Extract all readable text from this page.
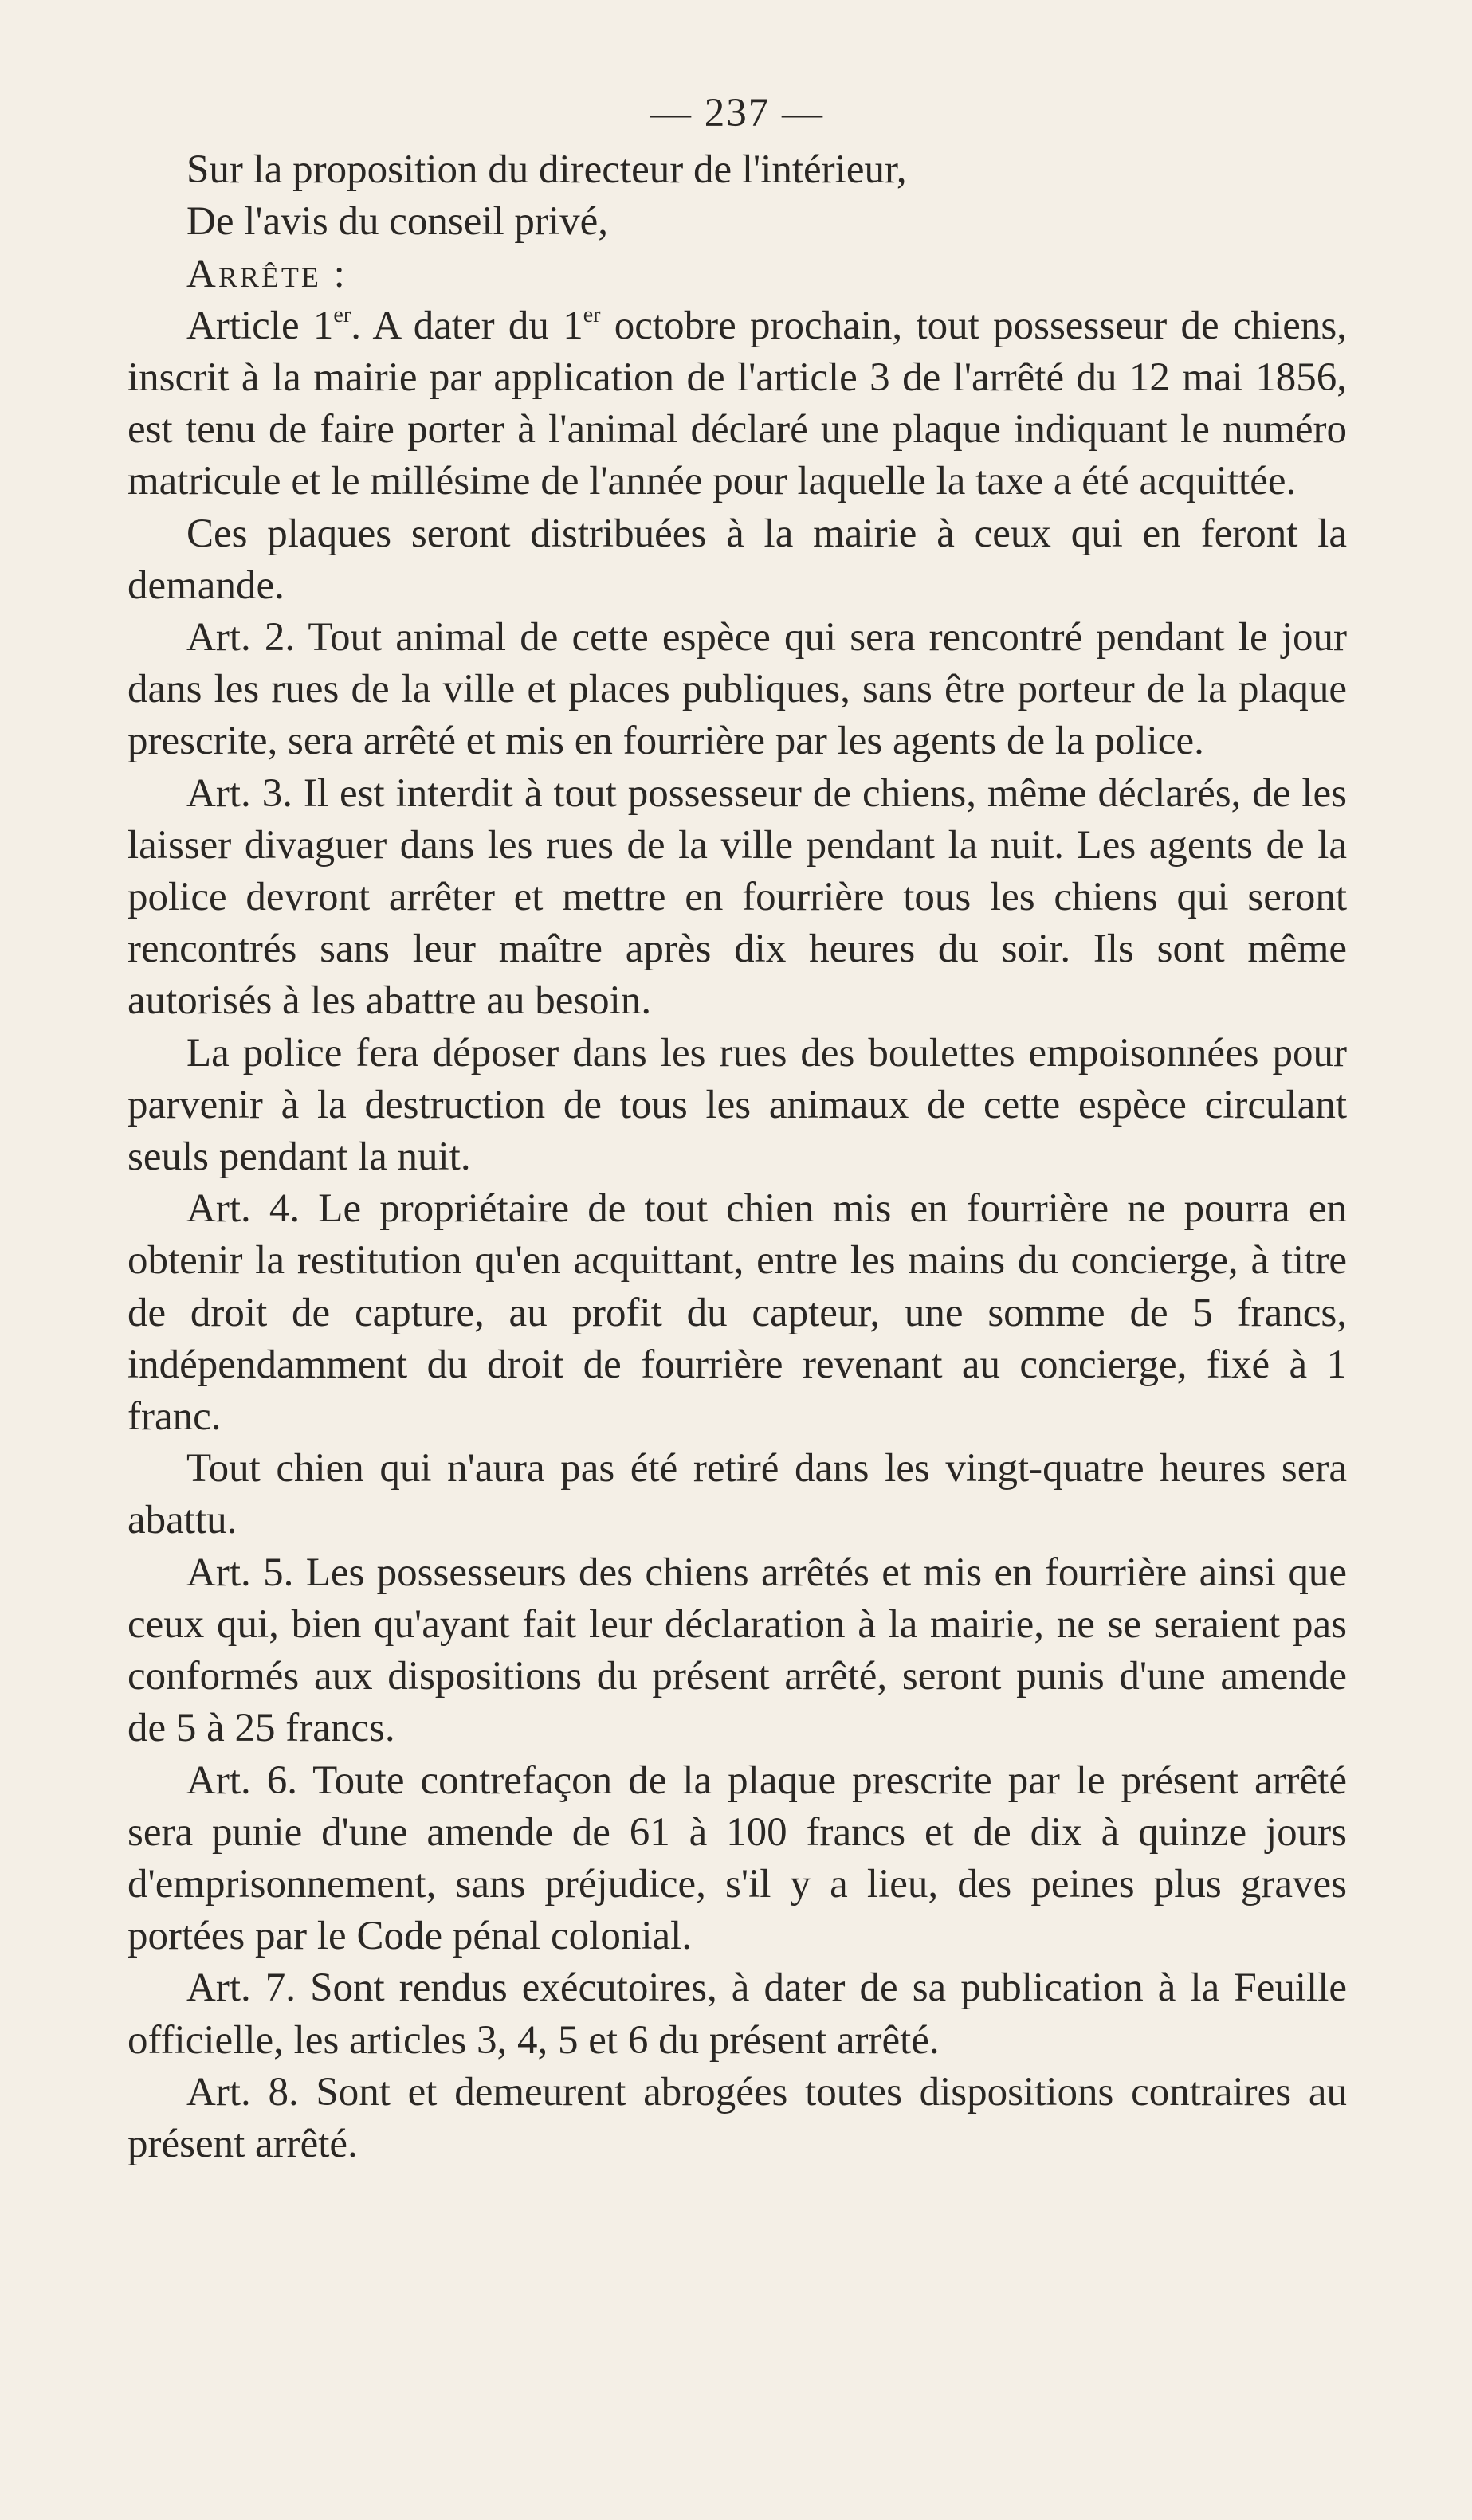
— 237 —

Sur la proposition du directeur de l'intérieur,

De l'avis du conseil privé,

Arrête :

Article 1er. A dater du 1er octobre prochain, tout possesseur de chiens, inscrit à la mairie par application de l'article 3 de l'arrêté du 12 mai 1856, est tenu de faire porter à l'animal déclaré une plaque indiquant le numéro matricule et le millésime de l'année pour laquelle la taxe a été acquittée.

Ces plaques seront distribuées à la mairie à ceux qui en feront la demande.

Art. 2. Tout animal de cette espèce qui sera rencontré pendant le jour dans les rues de la ville et places publiques, sans être porteur de la plaque prescrite, sera arrêté et mis en fourrière par les agents de la police.

Art. 3. Il est interdit à tout possesseur de chiens, même déclarés, de les laisser divaguer dans les rues de la ville pendant la nuit. Les agents de la police devront arrêter et mettre en fourrière tous les chiens qui seront rencontrés sans leur maître après dix heures du soir. Ils sont même autorisés à les abattre au besoin.

La police fera déposer dans les rues des boulettes empoisonnées pour parvenir à la destruction de tous les animaux de cette espèce circulant seuls pendant la nuit.

Art. 4. Le propriétaire de tout chien mis en fourrière ne pourra en obtenir la restitution qu'en acquittant, entre les mains du concierge, à titre de droit de capture, au profit du capteur, une somme de 5 francs, indépendamment du droit de fourrière revenant au concierge, fixé à 1 franc.

Tout chien qui n'aura pas été retiré dans les vingt-quatre heures sera abattu.

Art. 5. Les possesseurs des chiens arrêtés et mis en fourrière ainsi que ceux qui, bien qu'ayant fait leur déclaration à la mairie, ne se seraient pas conformés aux dispositions du présent arrêté, seront punis d'une amende de 5 à 25 francs.

Art. 6. Toute contrefaçon de la plaque prescrite par le présent arrêté sera punie d'une amende de 61 à 100 francs et de dix à quinze jours d'emprisonnement, sans préjudice, s'il y a lieu, des peines plus graves portées par le Code pénal colonial.

Art. 7. Sont rendus exécutoires, à dater de sa publication à la Feuille officielle, les articles 3, 4, 5 et 6 du présent arrêté.

Art. 8. Sont et demeurent abrogées toutes dispositions contraires au présent arrêté.
